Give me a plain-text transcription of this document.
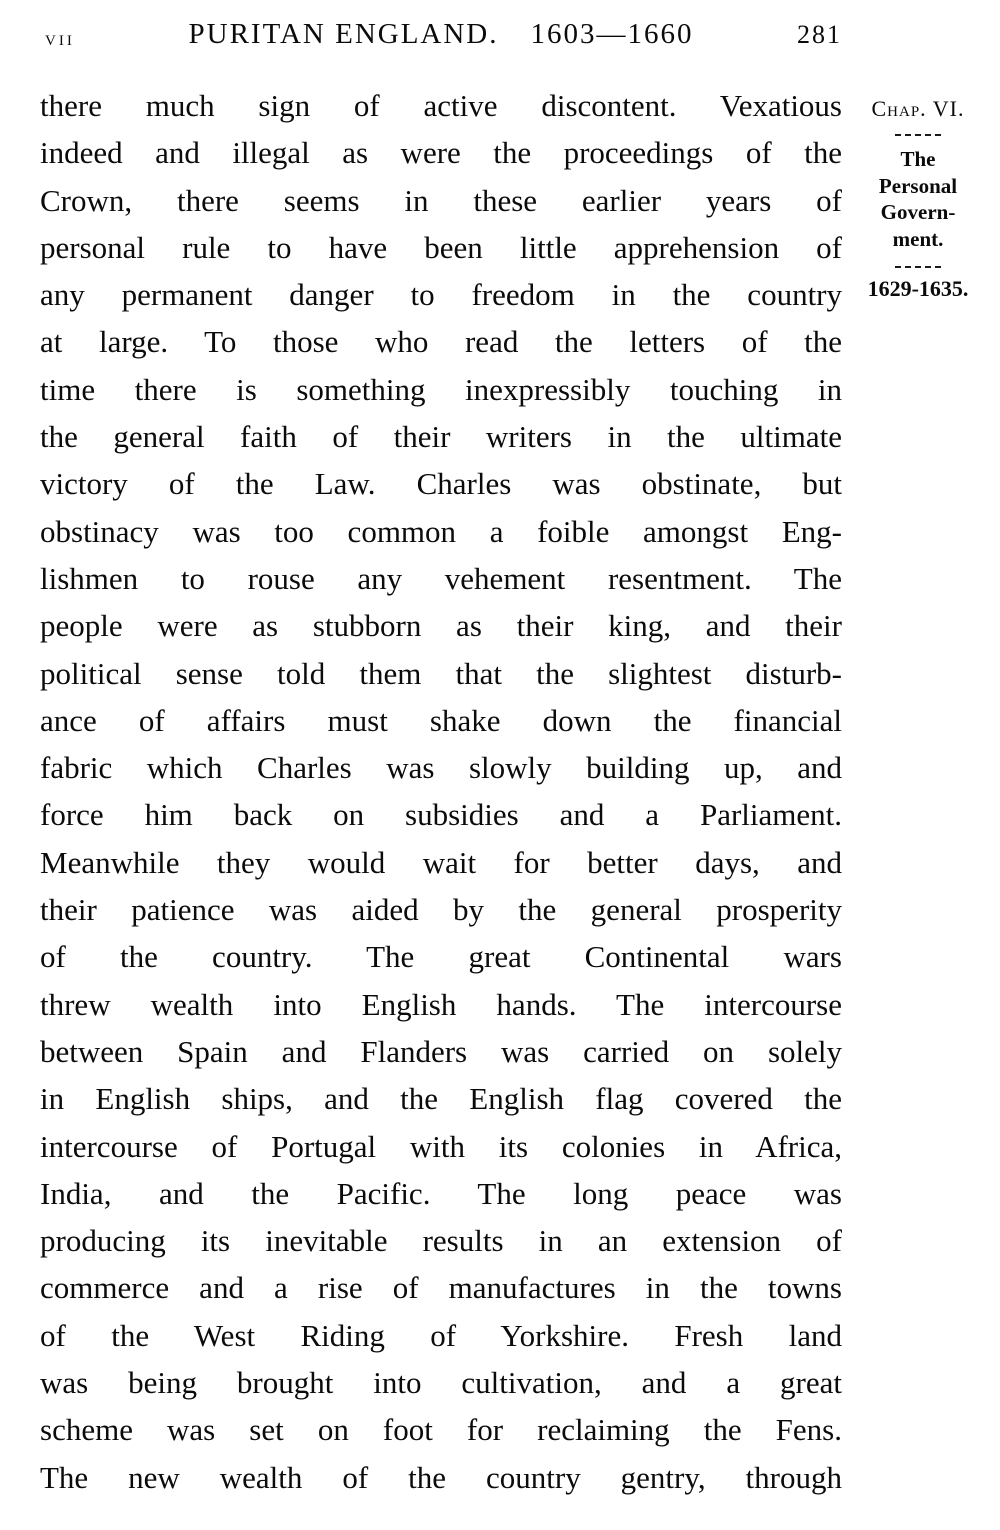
vii	PURITAN ENGLAND. 1603—1660	281
there much sign of active discontent. Vexatious
indeed and illegal as were the proceedings of the
Crown, there seems in these earlier years of
personal rule to have been little apprehension of
any permanent danger to freedom in the country
at large. To those who read the letters of the
time there is something inexpressibly touching in
the general faith of their writers in the ultimate
victory of the Law. Charles was obstinate, but
obstinacy was too common a foible amongst Eng-
lishmen to rouse any vehement resentment. The
people were as stubborn as their king, and their
political sense told them that the slightest disturb-
ance of affairs must shake down the financial
fabric which Charles was slowly building up, and
force him back on subsidies and a Parliament.
Meanwhile they would wait for better days, and
their patience was aided by the general prosperity
of the country. The great Continental wars
threw wealth into English hands. The intercourse
between Spain and Flanders was carried on solely
in English ships, and the English flag covered the
intercourse of Portugal with its colonies in Africa,
India, and the Pacific. The long peace was
producing its inevitable results in an extension of
commerce and a rise of manufactures in the towns
of the West Riding of Yorkshire. Fresh land
was being brought into cultivation, and a great
scheme was set on foot for reclaiming the Fens.
The new wealth of the country gentry, through
Chap. VI.
The
Personal
Govern-
ment.
1629-1635.
